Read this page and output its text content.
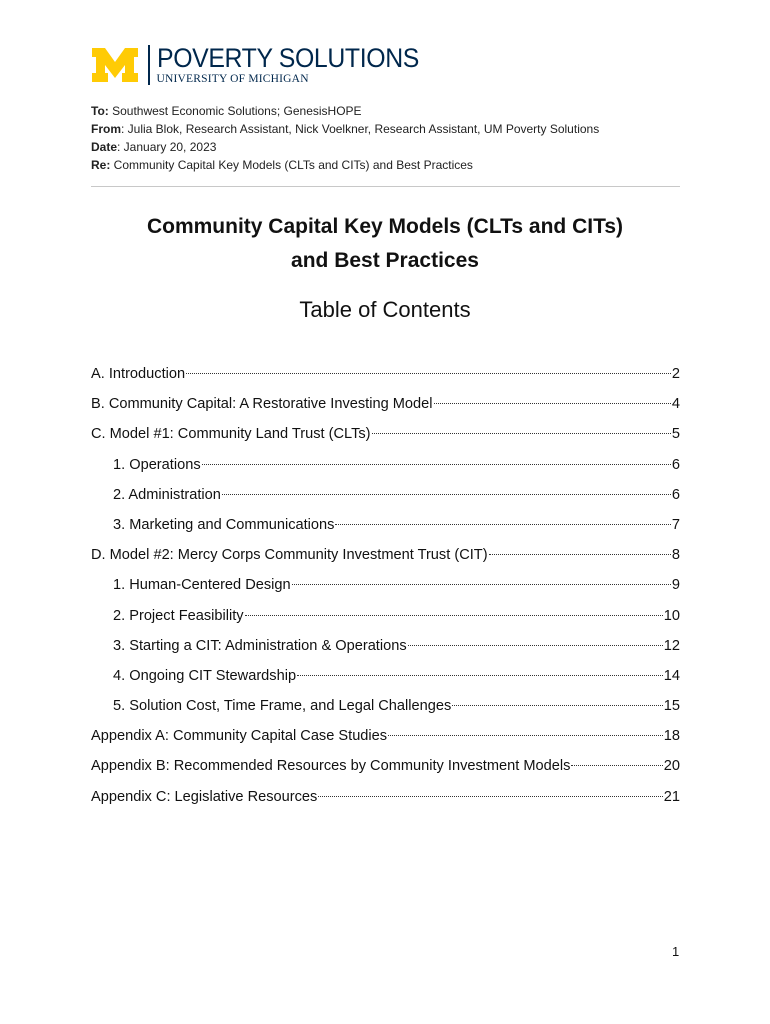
POVERTY SOLUTIONS
UNIVERSITY OF MICHIGAN
To: Southwest Economic Solutions; GenesisHOPE
From: Julia Blok, Research Assistant, Nick Voelkner, Research Assistant, UM Poverty Solutions
Date: January 20, 2023
Re: Community Capital Key Models (CLTs and CITs) and Best Practices
Community Capital Key Models (CLTs and CITs)
and Best Practices
Table of Contents
A. Introduction	2
B. Community Capital: A Restorative Investing Model	4
C. Model #1: Community Land Trust (CLTs)	5
1. Operations	6
2. Administration	6
3. Marketing and Communications	7
D. Model #2: Mercy Corps Community Investment Trust (CIT)	8
1. Human-Centered Design	9
2. Project Feasibility	10
3. Starting a CIT: Administration & Operations	12
4. Ongoing CIT Stewardship	14
5. Solution Cost, Time Frame, and Legal Challenges	15
Appendix A: Community Capital Case Studies	18
Appendix B: Recommended Resources by Community Investment Models	20
Appendix C: Legislative Resources	21
1
